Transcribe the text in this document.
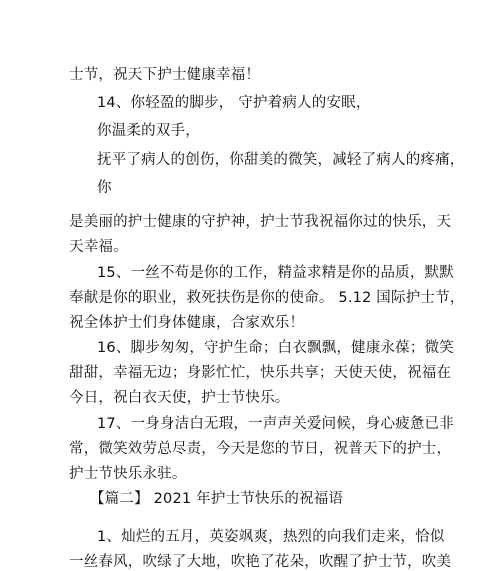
士节，祝天下护士健康幸福！
14、你轻盈的脚步， 守护着病人的安眠，
你温柔的双手，
抚平了病人的创伤，你甜美的微笑，减轻了病人的疼痛，
你
是美丽的护士健康的守护神，护士节我祝福你过的快乐，天
天幸福。
15、一丝不苟是你的工作，精益求精是你的品质，默默
奉献是你的职业，救死扶伤是你的使命。 5.12 国际护士节，
祝全体护士们身体健康，合家欢乐！
16、脚步匆匆，守护生命；白衣飘飘，健康永葆；微笑
甜甜，幸福无边；身影忙忙，快乐共享；天使天使，祝福在
今日，祝白衣天使，护士节快乐。
17、一身身洁白无瑕，一声声关爱问候，身心疲惫已非
常，微笑效劳总尽责，今天是您的节日，祝普天下的护士，
护士节快乐永驻。
【篇二】 2021 年护士节快乐的祝福语
1、灿烂的五月，英姿飒爽，热烈的向我们走来，恰似
一丝春风，吹绿了大地，吹艳了花朵，吹醒了护士节，吹美
